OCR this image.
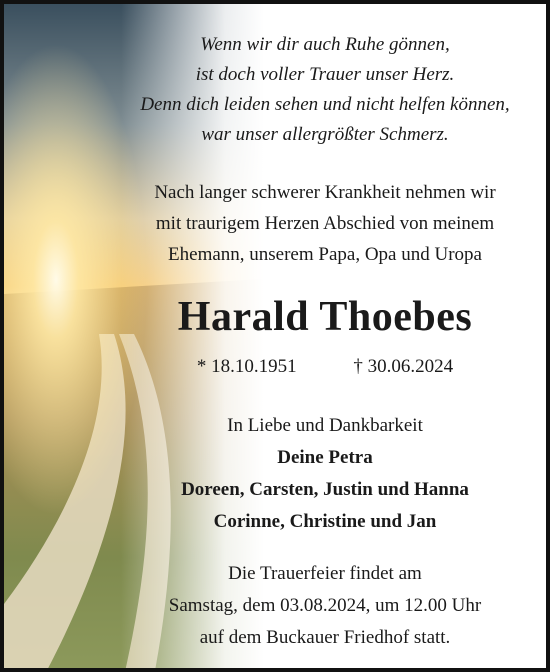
Wenn wir dir auch Ruhe gönnen,
ist doch voller Trauer unser Herz.
Denn dich leiden sehen und nicht helfen können,
war unser allergrößter Schmerz.
Nach langer schwerer Krankheit nehmen wir
mit traurigem Herzen Abschied von meinem
Ehemann, unserem Papa, Opa und Uropa
Harald Thoebes
* 18.10.1951	† 30.06.2024
In Liebe und Dankbarkeit
Deine Petra
Doreen, Carsten, Justin und Hanna
Corinne, Christine und Jan
Die Trauerfeier findet am
Samstag, dem 03.08.2024, um 12.00 Uhr
auf dem Buckauer Friedhof statt.
